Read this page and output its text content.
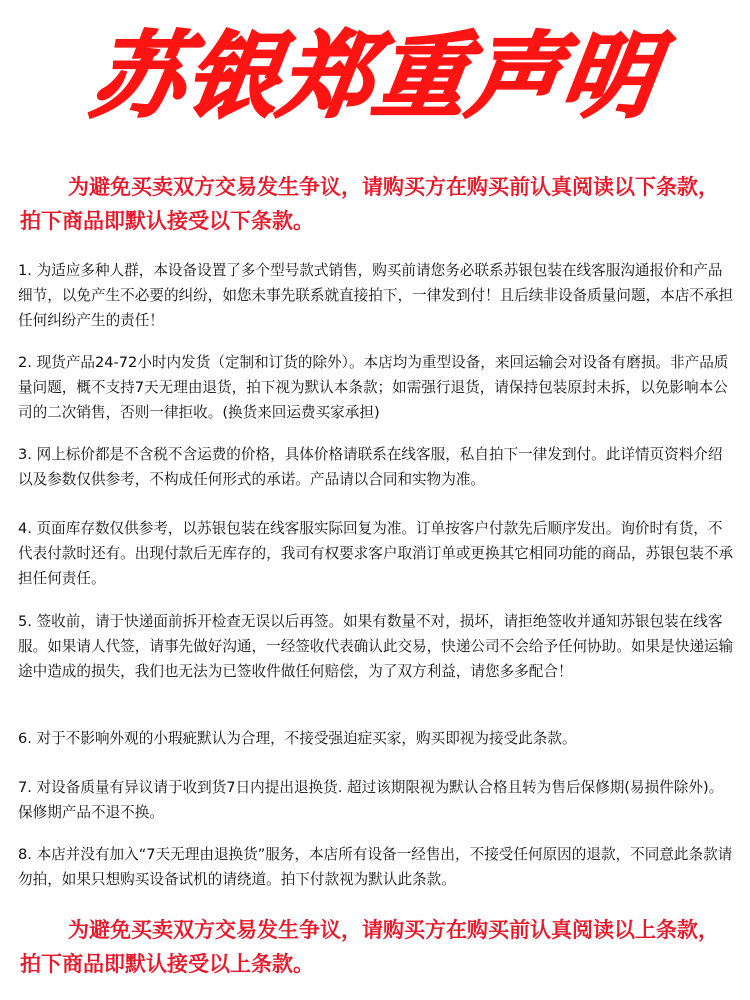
苏银郑重声明
为避免买卖双方交易发生争议，请购买方在购买前认真阅读以下条款，拍下商品即默认接受以下条款。

1. 为适应多种人群，本设备设置了多个型号款式销售，购买前请您务必联系苏银包装在线客服沟通报价和产品细节，以免产生不必要的纠纷，如您未事先联系就直接拍下，一律发到付！且后续非设备质量问题，本店不承担任何纠纷产生的责任！

2. 现货产品24-72小时内发货（定制和订货的除外）。本店均为重型设备，来回运输会对设备有磨损。非产品质量问题，概不支持7天无理由退货，拍下视为默认本条款；如需强行退货，请保持包装原封未拆，以免影响本公司的二次销售，否则一律拒收。(换货来回运费买家承担)

3. 网上标价都是不含税不含运费的价格，具体价格请联系在线客服，私自拍下一律发到付。此详情页资料介绍以及参数仅供参考，不构成任何形式的承诺。产品请以合同和实物为准。

4. 页面库存数仅供参考，以苏银包装在线客服实际回复为准。订单按客户付款先后顺序发出。询价时有货，不代表付款时还有。出现付款后无库存的，我司有权要求客户取消订单或更换其它相同功能的商品，苏银包装不承担任何责任。

5. 签收前，请于快递面前拆开检查无误以后再签。如果有数量不对，损坏，请拒绝签收并通知苏银包装在线客服。如果请人代签，请事先做好沟通，一经签收代表确认此交易，快递公司不会给予任何协助。如果是快递运输途中造成的损失，我们也无法为已签收件做任何赔偿，为了双方利益，请您多多配合！

6. 对于不影响外观的小瑕疵默认为合理，不接受强迫症买家，购买即视为接受此条款。

7. 对设备质量有异议请于收到货7日内提出退换货. 超过该期限视为默认合格且转为售后保修期(易损件除外)。保修期产品不退不换。

8. 本店并没有加入“7天无理由退换货”服务，本店所有设备一经售出，不接受任何原因的退款，不同意此条款请勿拍，如果只想购买设备试机的请绕道。拍下付款视为默认此条款。

为避免买卖双方交易发生争议，请购买方在购买前认真阅读以上条款，拍下商品即默认接受以上条款。
